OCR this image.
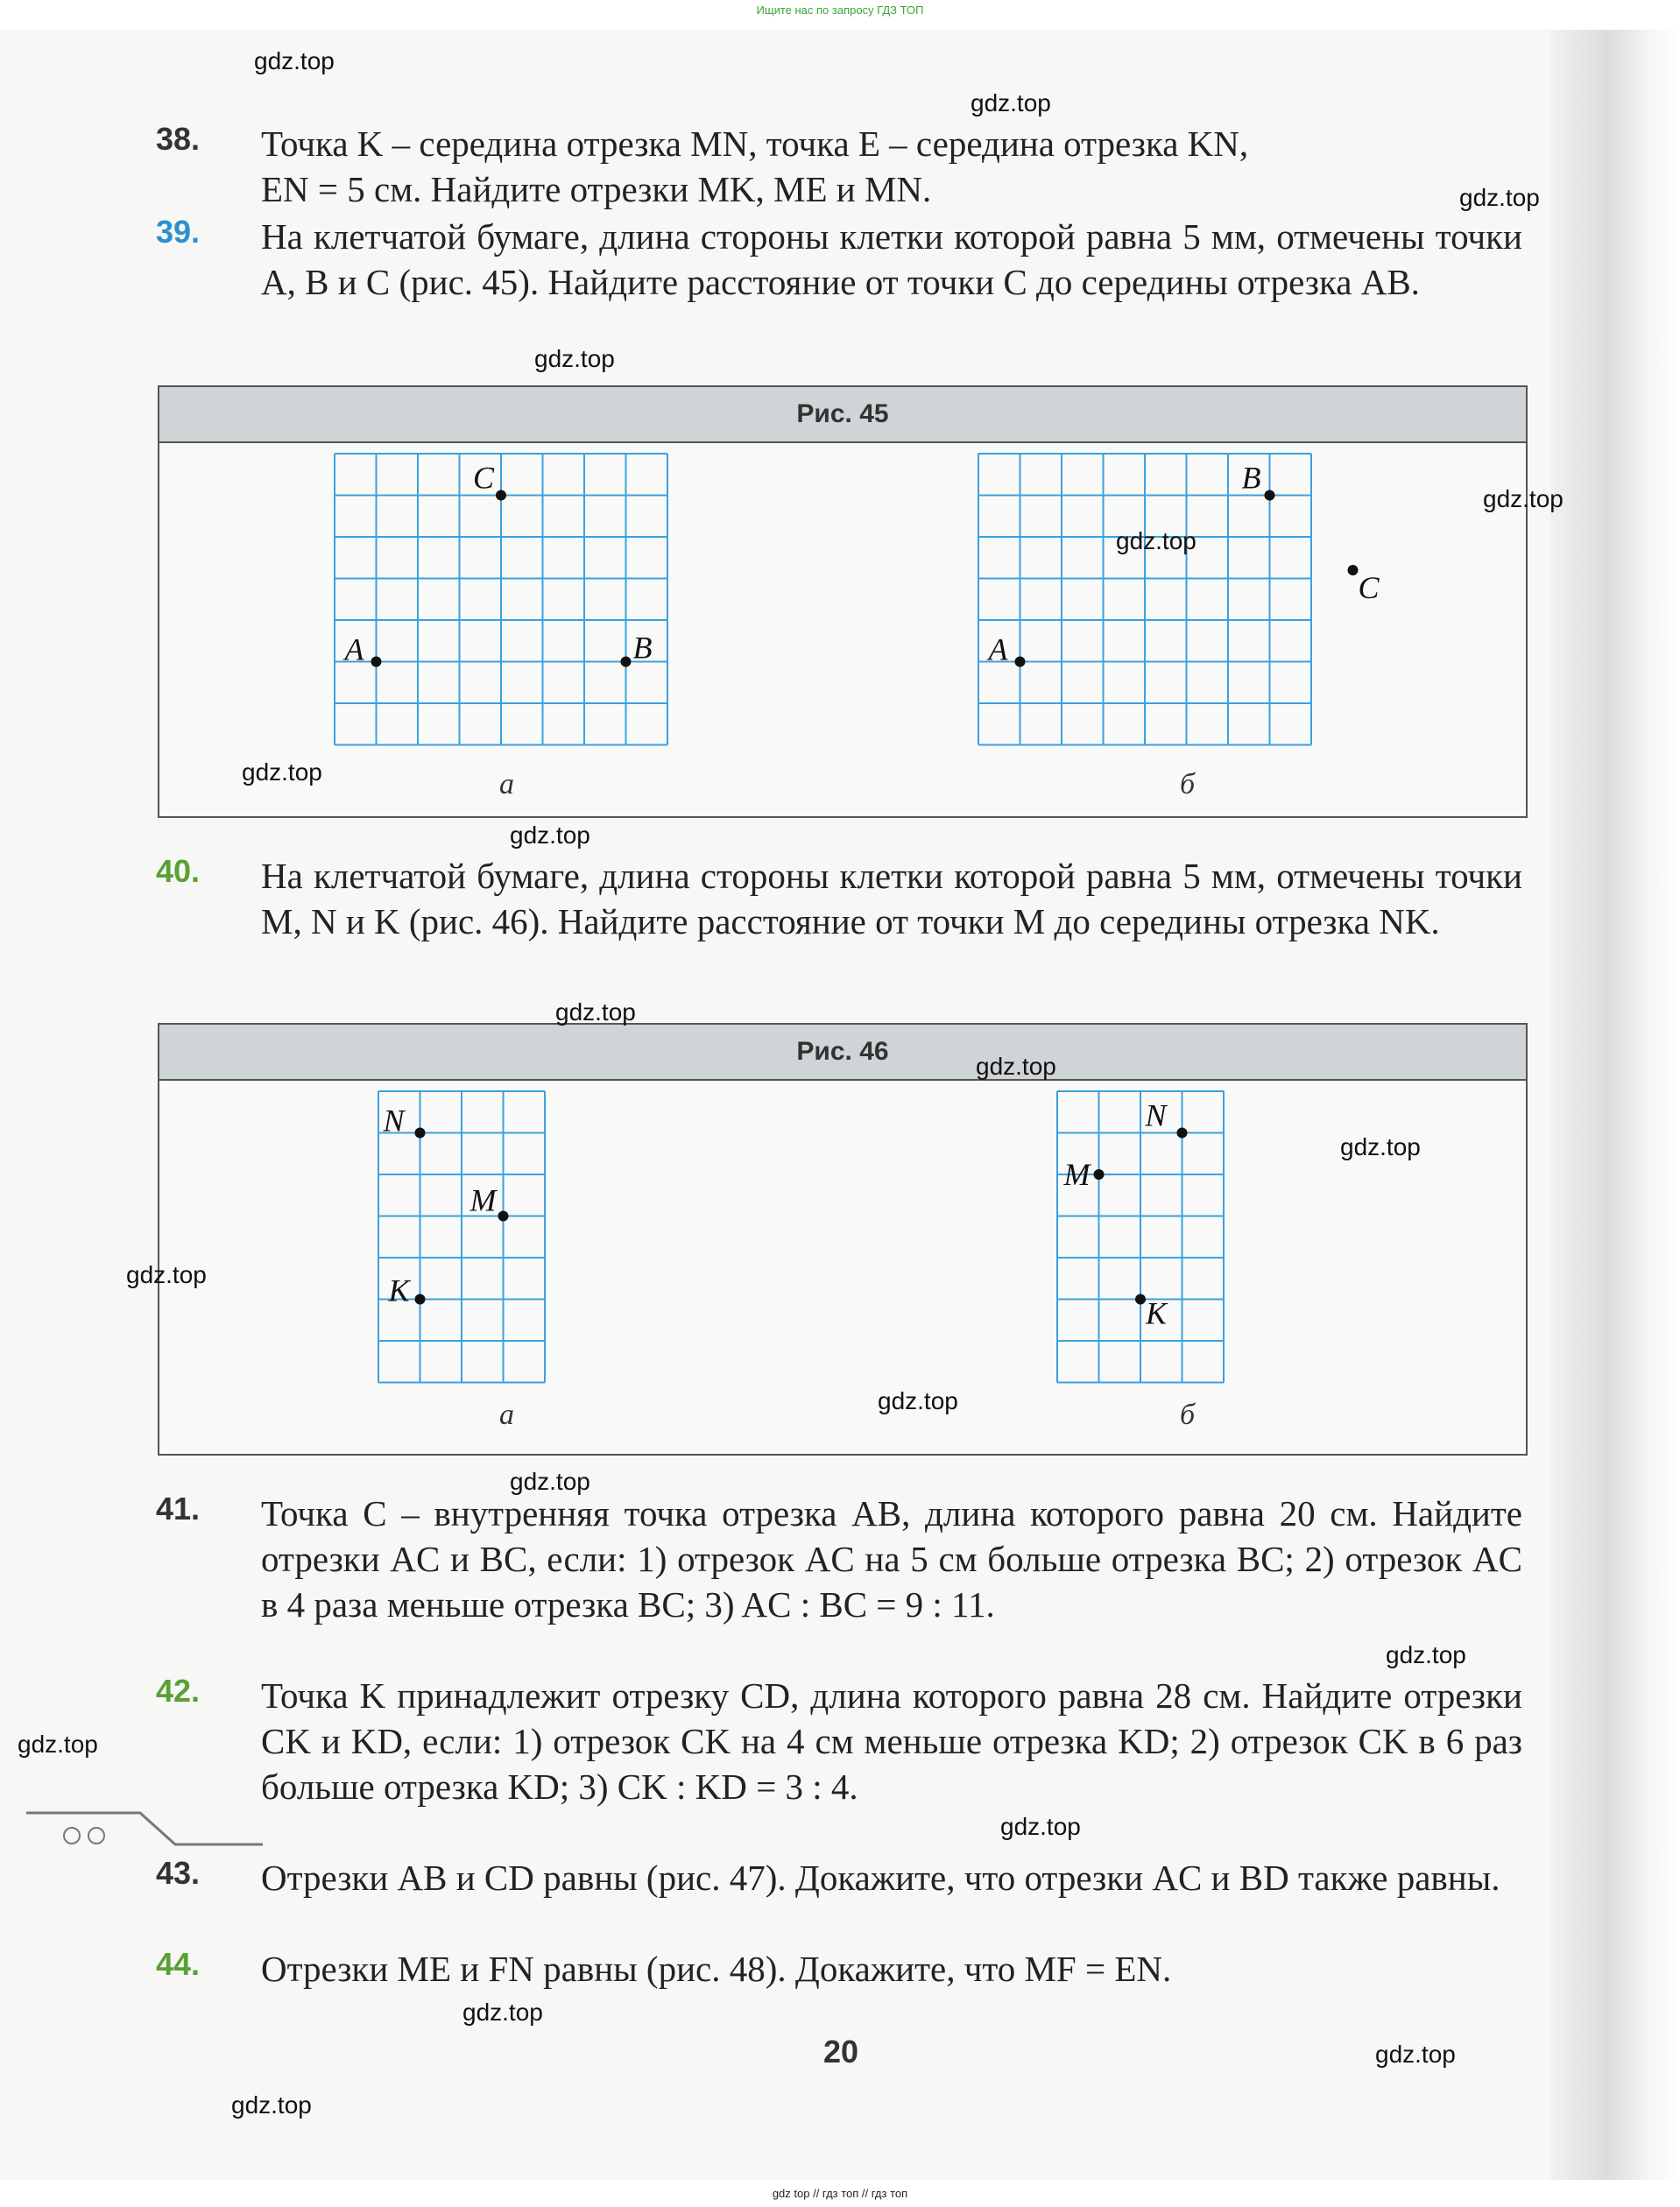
Ищите нас по запросу ГДЗ ТОП
38. Точка K – середина отрезка MN, точка E – середина отрезка KN,
EN = 5 см. Найдите отрезки MK, ME и MN.
39. На клетчатой бумаге, длина стороны клетки которой равна 5 мм, отмечены точки A, B и C (рис. 45). Найдите расстояние от точки C до середины отрезка AB.
Рис. 45
A	B
C
A
B
C
а	б
40. На клетчатой бумаге, длина стороны клетки которой равна 5 мм, отмечены точки M, N и K (рис. 46). Найдите расстояние от точки M до середины отрезка NK.
Рис. 46
N
M
K
N
M
K
а	б
41. Точка C – внутренняя точка отрезка AB, длина которого равна 20 см. Найдите отрезки AC и BC, если: 1) отрезок AC на 5 см больше отрезка BC; 2) отрезок AC в 4 раза меньше отрезка BC; 3) AC : BC = 9 : 11.
42. Точка K принадлежит отрезку CD, длина которого равна 28 см. Найдите отрезки CK и KD, если: 1) отрезок CK на 4 см меньше отрезка KD; 2) отрезок CK в 6 раз больше отрезка KD; 3) CK : KD = 3 : 4.
43. Отрезки AB и CD равны (рис. 47). Докажите, что отрезки AC и BD также равны.
44. Отрезки ME и FN равны (рис. 48). Докажите, что MF = EN.
20
gdz.top
gdz.top
gdz.top
gdz.top
gdz.top
gdz.top
gdz.top
gdz.top
gdz.top
gdz.top
gdz.top
gdz.top
gdz.top
gdz.top
gdz.top
gdz.top
gdz.top
gdz.top
gdz.top
gdz.top
gdz top // гдз топ // гдз топ
